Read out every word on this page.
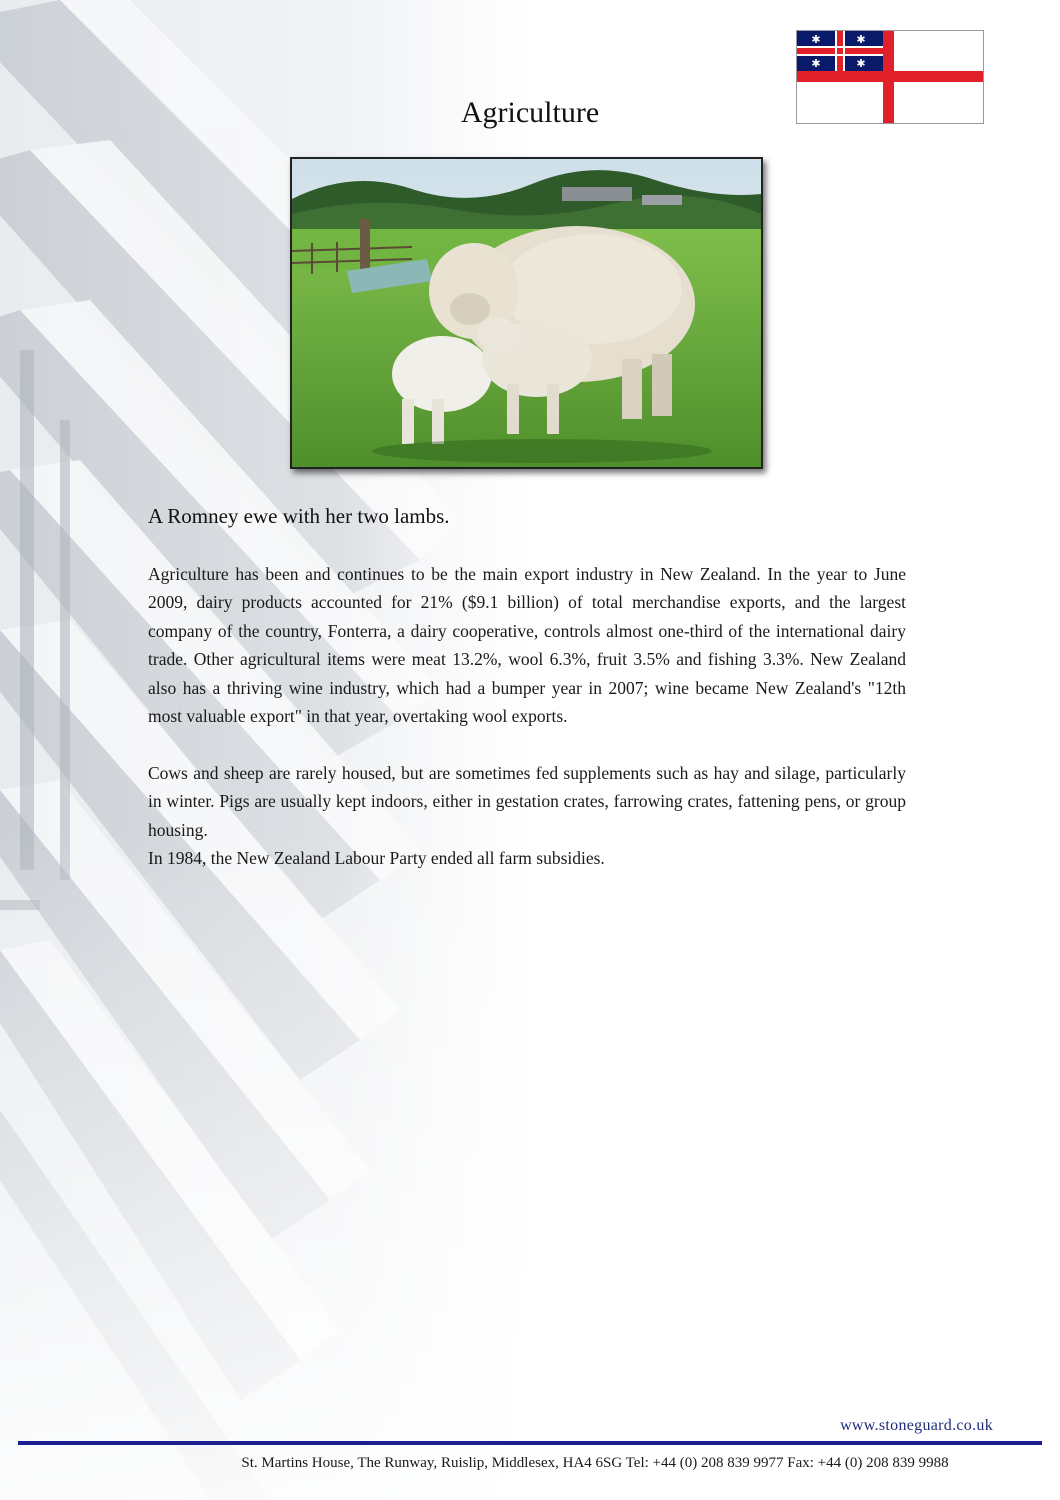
✱	✱
✱	✱
Agriculture
A Romney ewe with her two lambs.

Agriculture has been and continues to be the main export industry in New Zealand. In the year to June 2009, dairy products accounted for 21% ($9.1 billion) of total merchandise exports, and the largest company of the country, Fonterra, a dairy cooperative, controls almost one-third of the international dairy trade. Other agricultural items were meat 13.2%, wool 6.3%, fruit 3.5% and fishing 3.3%. New Zealand also has a thriving wine industry, which had a bumper year in 2007; wine became New Zealand's "12th most valuable export" in that year, overtaking wool exports.

Cows and sheep are rarely housed, but are sometimes fed supplements such as hay and silage, particularly in winter. Pigs are usually kept indoors, either in gestation crates, farrowing crates, fattening pens, or group housing.

In 1984, the New Zealand Labour Party ended all farm subsidies.

www.stoneguard.co.uk
St. Martins House, The Runway, Ruislip, Middlesex, HA4 6SG Tel: +44 (0) 208 839 9977 Fax: +44 (0) 208 839 9988
